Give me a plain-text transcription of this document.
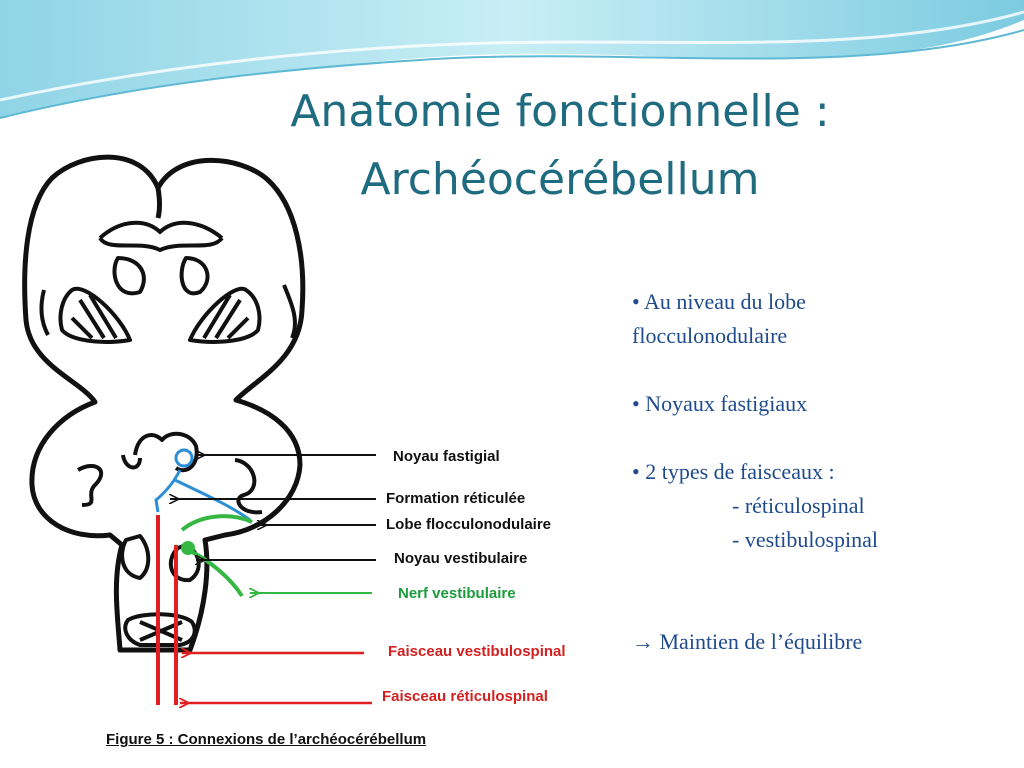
Anatomie fonctionnelle :
Archéocérébellum
Noyau fastigial
Formation réticulée
Lobe flocculonodulaire
Noyau vestibulaire
Nerf vestibulaire
Faisceau vestibulospinal
Faisceau réticulospinal
• Au niveau du lobe
flocculonodulaire
• Noyaux fastigiaux
• 2 types de faisceaux :
- réticulospinal
- vestibulospinal
→ Maintien de l’équilibre
Figure 5 : Connexions de l’archéocérébellum
